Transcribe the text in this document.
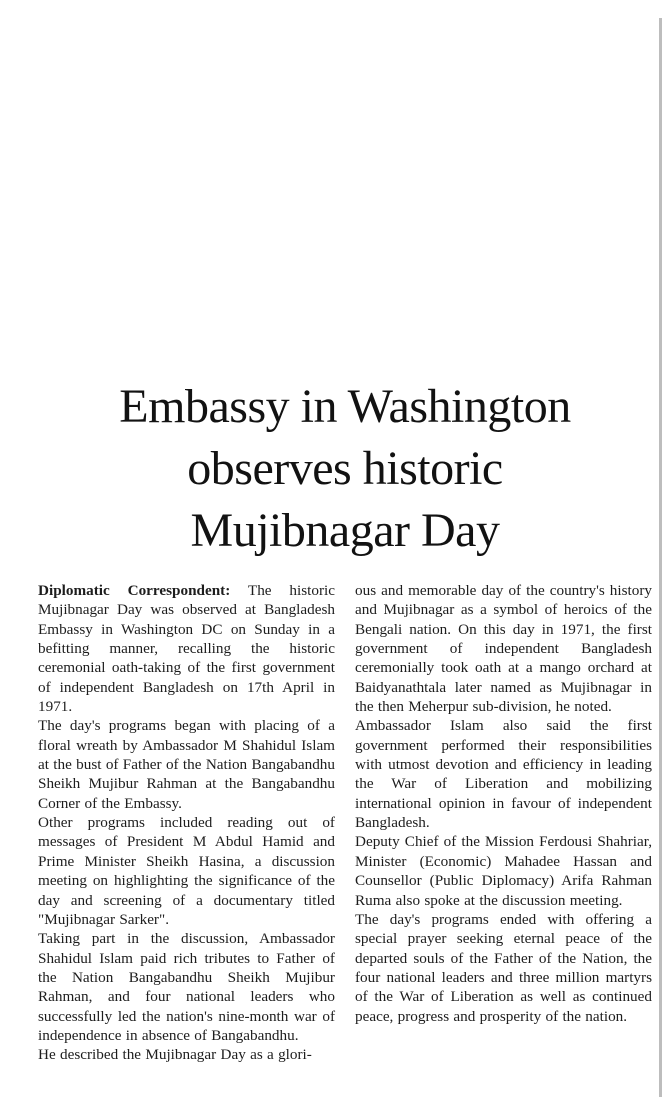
Embassy in Washington
observes historic
Mujibnagar Day

Diplomatic Correspondent: The historic Mujibnagar Day was observed at Bangladesh Embassy in Washington DC on Sunday in a befitting manner, recalling the historic ceremonial oath-taking of the first government of independent Bangladesh on 17th April in 1971.

The day's programs began with placing of a floral wreath by Ambassador M Shahidul Islam at the bust of Father of the Nation Bangabandhu Sheikh Mujibur Rahman at the Bangabandhu Corner of the Embassy.

Other programs included reading out of messages of President M Abdul Hamid and Prime Minister Sheikh Hasina, a discussion meeting on highlighting the significance of the day and screening of a documentary titled "Mujibnagar Sarker".

Taking part in the discussion, Ambassador Shahidul Islam paid rich tributes to Father of the Nation Bangabandhu Sheikh Mujibur Rahman, and four national leaders who successfully led the nation's nine-month war of independence in absence of Bangabandhu.

He described the Mujibnagar Day as a glori-

ous and memorable day of the country's history and Mujibnagar as a symbol of heroics of the Bengali nation. On this day in 1971, the first government of independent Bangladesh ceremonially took oath at a mango orchard at Baidyanathtala later named as Mujibnagar in the then Meherpur sub-division, he noted.

Ambassador Islam also said the first government performed their responsibilities with utmost devotion and efficiency in leading the War of Liberation and mobilizing international opinion in favour of independent Bangladesh.

Deputy Chief of the Mission Ferdousi Shahriar, Minister (Economic) Mahadee Hassan and Counsellor (Public Diplomacy) Arifa Rahman Ruma also spoke at the discussion meeting.

The day's programs ended with offering a special prayer seeking eternal peace of the departed souls of the Father of the Nation, the four national leaders and three million martyrs of the War of Liberation as well as continued peace, progress and prosperity of the nation.
